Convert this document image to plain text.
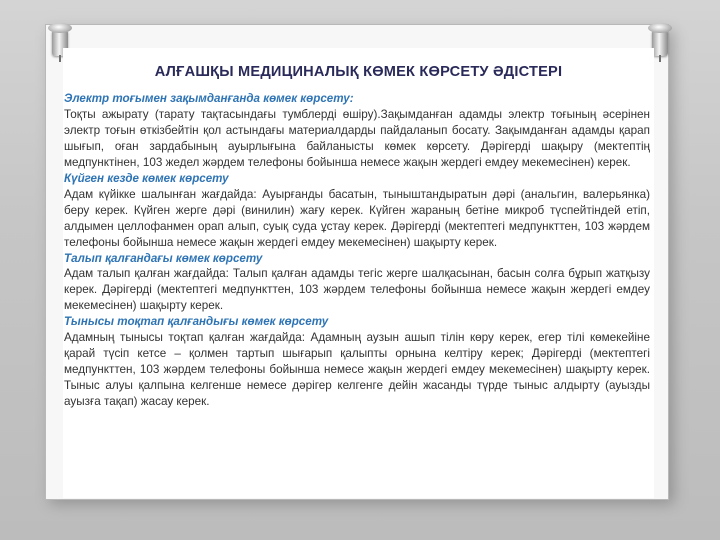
АЛҒАШҚЫ МЕДИЦИНАЛЫҚ КӨМЕК КӨРСЕТУ ӘДІСТЕРІ

Электр тоғымен зақымданғанда көмек көрсету:

Тоқты ажырату (тарату тақтасындағы тумблерді өшіру).Зақымданған адамды электр тоғының әсерінен электр тоғын өткізбейтін қол астындағы материалдарды пайдаланып босату. Зақымданған адамды қарап шығып, оған зардабының ауырлығына байланысты көмек көрсету. Дәрігерді шақыру (мектептің медпунктінен, 103 жедел жәрдем телефоны бойынша немесе жақын жердегі емдеу мекемесінен) керек.

Күйген кезде көмек көрсету

Адам күйікке шалынған жағдайда: Ауырғанды басатын, тыныштандыратын дәрі (анальгин, валерьянка) беру керек. Күйген жерге дәрі (винилин) жағу керек. Күйген жараның бетіне микроб түспейтіндей етіп, алдымен целлофанмен орап алып, суық суда ұстау керек. Дәрігерді (мектептегі медпункттен, 103 жәрдем телефоны бойынша немесе жақын жердегі емдеу мекемесінен) шақырту керек.

Талып қалғандағы көмек көрсету

Адам талып қалған жағдайда: Талып қалған адамды тегіс жерге шалқасынан, басын солға бұрып жатқызу керек. Дәрігерді (мектептегі медпункттен, 103 жәрдем телефоны бойынша немесе жақын жердегі емдеу мекемесінен) шақырту керек.

Тынысы тоқтап қалғандығы көмек көрсету

Адамның тынысы тоқтап қалған жағдайда: Адамның аузын ашып тілін көру керек, егер тілі көмекейіне қарай түсіп кетсе – қолмен тартып шығарып қалыпты орнына келтіру керек; Дәрігерді (мектептегі медпункттен, 103 жәрдем телефоны бойынша немесе жақын жердегі емдеу мекемесінен) шақырту керек. Тыныс алуы қалпына келгенше немесе дәрігер келгенге дейін жасанды түрде тыныс алдырту (ауызды ауызға тақап) жасау керек.
